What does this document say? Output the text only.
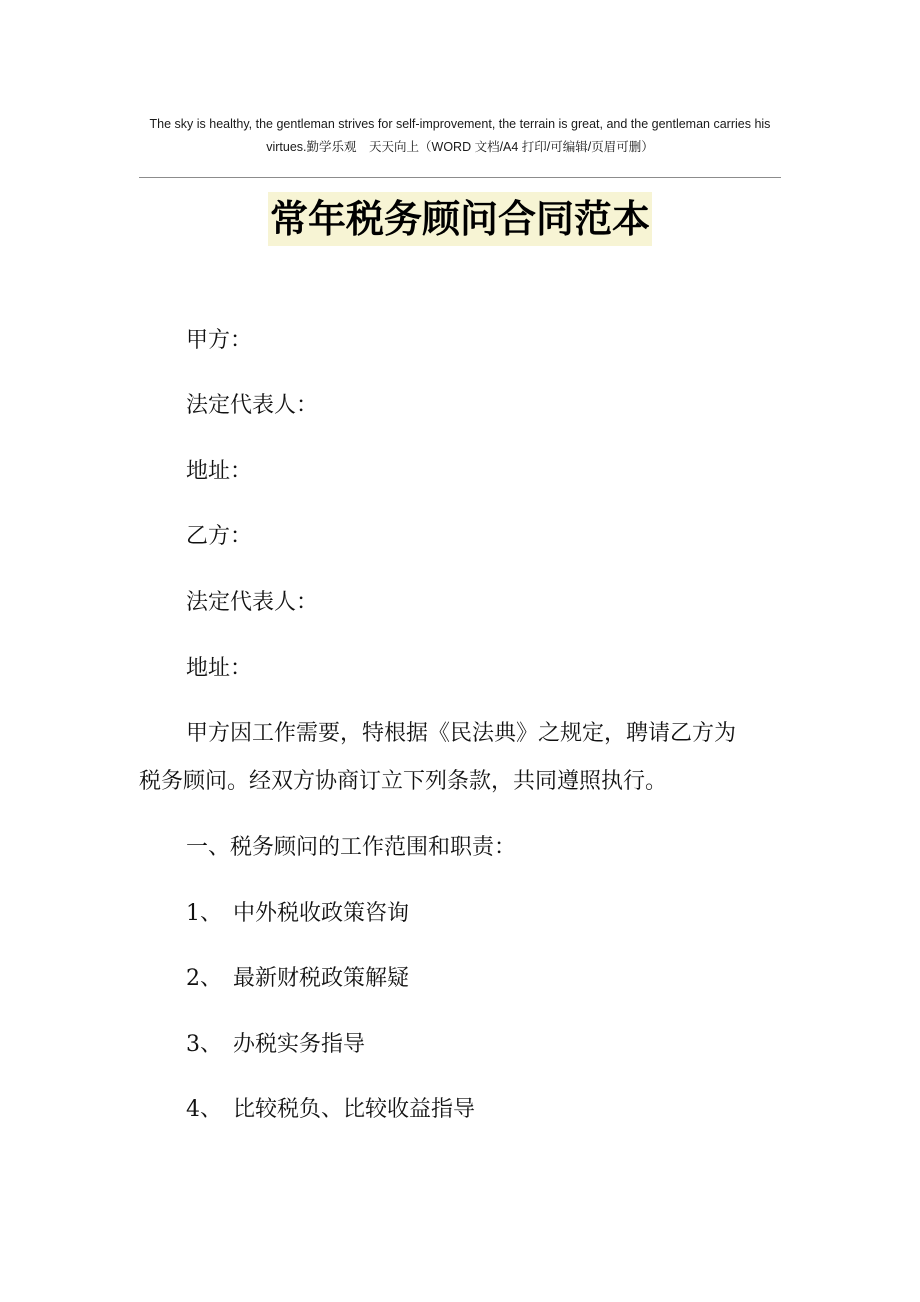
The sky is healthy, the gentleman strives for self-improvement, the terrain is great, and the gentleman carries his
virtues.勤学乐观　天天向上（WORD 文档/A4 打印/可编辑/页眉可删）
常年税务顾问合同范本
甲方：
法定代表人：
地址：
乙方：
法定代表人：
地址：
甲方因工作需要，特根据《民法典》之规定，聘请乙方为
税务顾问。经双方协商订立下列条款，共同遵照执行。
一、税务顾问的工作范围和职责：
1、 中外税收政策咨询
2、 最新财税政策解疑
3、 办税实务指导
4、 比较税负、比较收益指导
